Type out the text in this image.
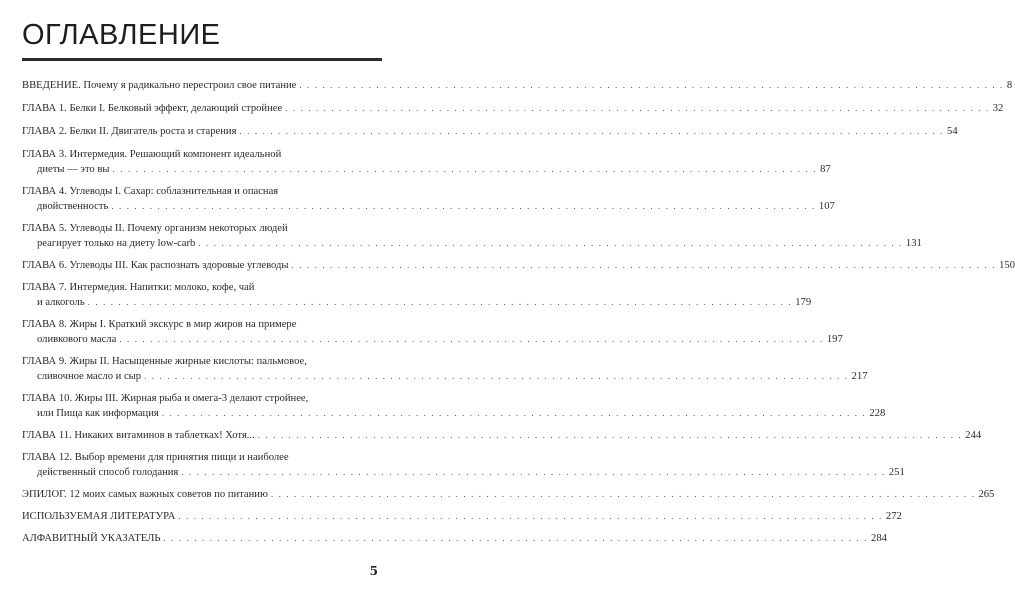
ОГЛАВЛЕНИЕ
ВВЕДЕНИЕ. Почему я радикально перестроил свое питание . . .	8
ГЛАВА 1. Белки I. Белковый эффект, делающий стройнее . . .	32
ГЛАВА 2. Белки II. Двигатель роста и старения . . .	54
ГЛАВА 3. Интермедия. Решающий компонент идеальной
диеты — это вы . . .	87
ГЛАВА 4. Углеводы I. Сахар: соблазнительная и опасная
двойственность . . .	107
ГЛАВА 5. Углеводы II. Почему организм некоторых людей
реагирует только на диету low-carb . . .	131
ГЛАВА 6. Углеводы III. Как распознать здоровые углеводы . . .	150
ГЛАВА 7. Интермедия. Напитки: молоко, кофе, чай
и алкоголь . . .	179
ГЛАВА 8. Жиры I. Краткий экскурс в мир жиров на примере
оливкового масла . . .	197
ГЛАВА 9. Жиры II. Насыщенные жирные кислоты: пальмовое,
сливочное масло и сыр . . .	217
ГЛАВА 10. Жиры III. Жирная рыба и омега-3 делают стройнее,
или Пища как информация . . .	228
ГЛАВА 11. Никаких витаминов в таблетках! Хотя... . . .	244
ГЛАВА 12. Выбор времени для принятия пищи и наиболее
действенный способ голодания . . .	251
ЭПИЛОГ. 12 моих самых важных советов по питанию . . .	265
ИСПОЛЬЗУЕМАЯ ЛИТЕРАТУРА . . .	272
АЛФАВИТНЫЙ УКАЗАТЕЛЬ . . .	284
5
